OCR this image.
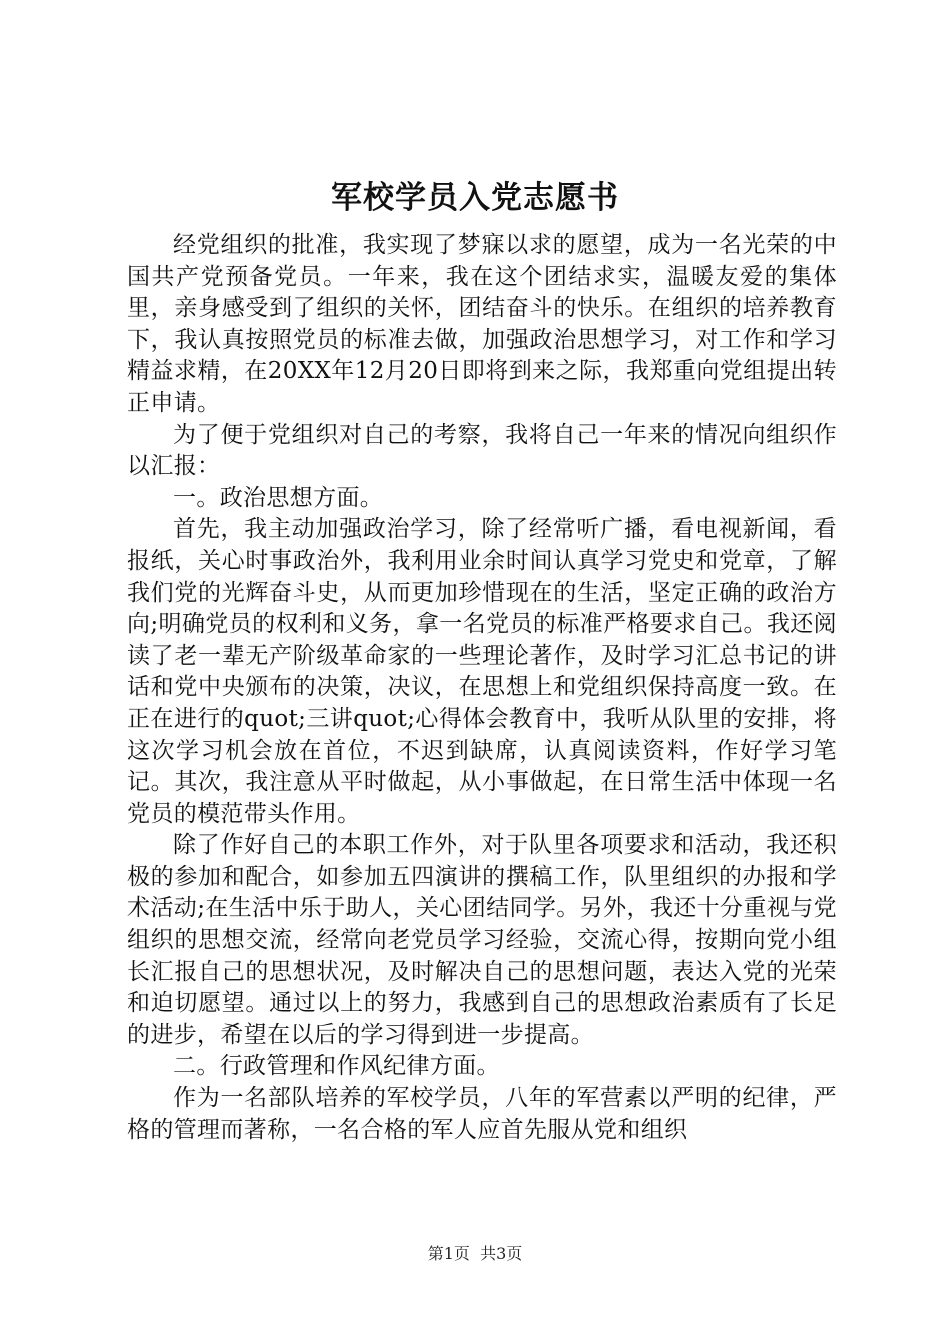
军校学员入党志愿书

经党组织的批准，我实现了梦寐以求的愿望，成为一名光荣的中国共产党预备党员。一年来，我在这个团结求实，温暖友爱的集体里，亲身感受到了组织的关怀，团结奋斗的快乐。在组织的培养教育下，我认真按照党员的标准去做，加强政治思想学习，对工作和学习精益求精，在20XX年12月20日即将到来之际，我郑重向党组提出转正申请。

为了便于党组织对自己的考察，我将自己一年来的情况向组织作以汇报：

一。政治思想方面。

首先，我主动加强政治学习，除了经常听广播，看电视新闻，看报纸，关心时事政治外，我利用业余时间认真学习党史和党章，了解我们党的光辉奋斗史，从而更加珍惜现在的生活，坚定正确的政治方向;明确党员的权利和义务，拿一名党员的标准严格要求自己。我还阅读了老一辈无产阶级革命家的一些理论著作，及时学习汇总书记的讲话和党中央颁布的决策，决议，在思想上和党组织保持高度一致。在正在进行的quot;三讲quot;心得体会教育中，我听从队里的安排，将这次学习机会放在首位，不迟到缺席，认真阅读资料，作好学习笔记。其次，我注意从平时做起，从小事做起，在日常生活中体现一名党员的模范带头作用。

除了作好自己的本职工作外，对于队里各项要求和活动，我还积极的参加和配合，如参加五四演讲的撰稿工作，队里组织的办报和学术活动;在生活中乐于助人，关心团结同学。另外，我还十分重视与党组织的思想交流，经常向老党员学习经验，交流心得，按期向党小组长汇报自己的思想状况，及时解决自己的思想问题，表达入党的光荣和迫切愿望。通过以上的努力，我感到自己的思想政治素质有了长足的进步，希望在以后的学习得到进一步提高。

二。行政管理和作风纪律方面。

作为一名部队培养的军校学员，八年的军营素以严明的纪律，严格的管理而著称，一名合格的军人应首先服从党和组织

第1页 共3页
